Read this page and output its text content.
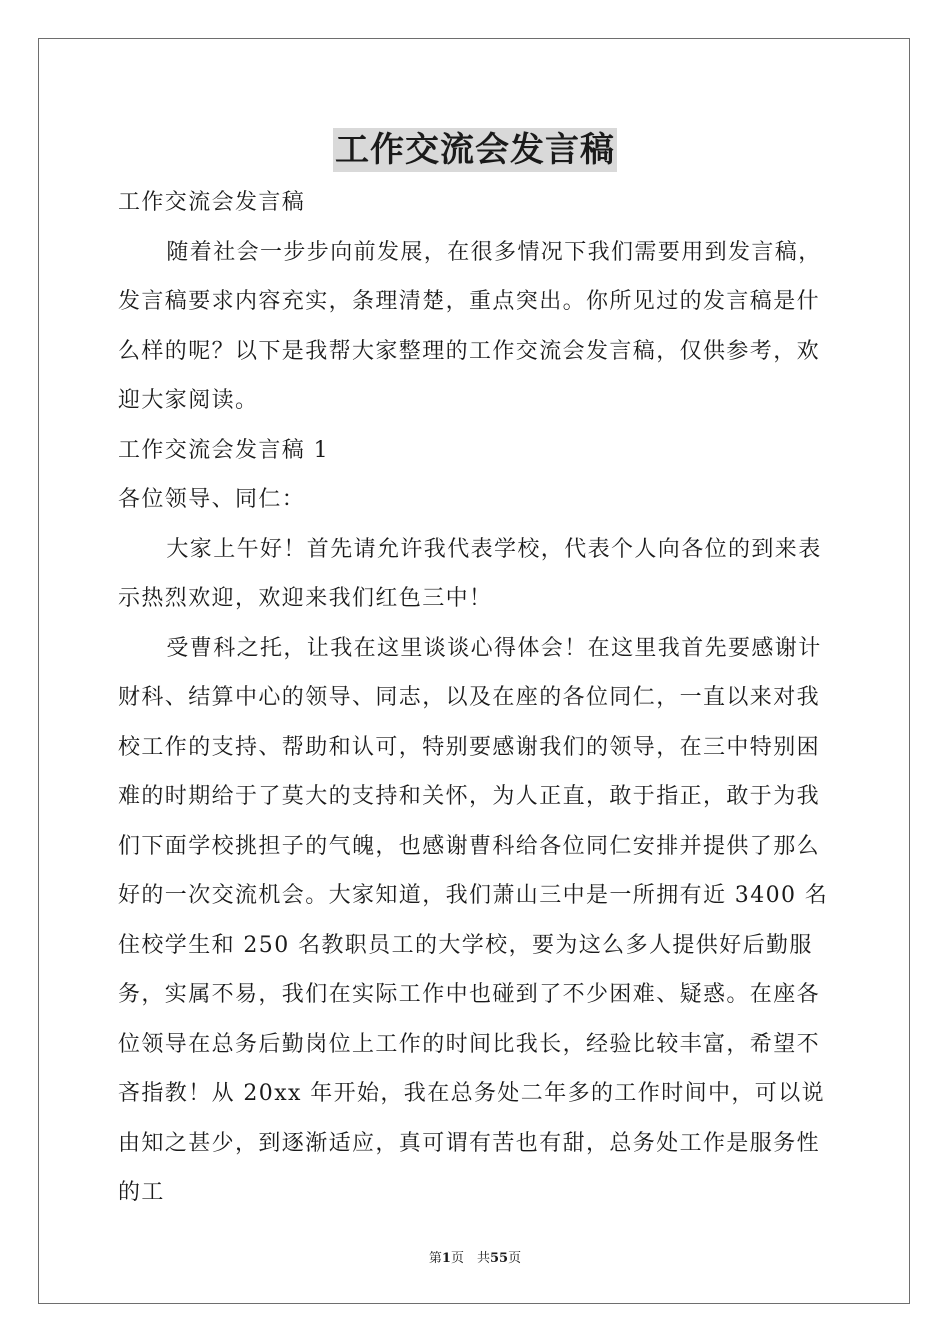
工作交流会发言稿

工作交流会发言稿

随着社会一步步向前发展，在很多情况下我们需要用到发言稿，发言稿要求内容充实，条理清楚，重点突出。你所见过的发言稿是什么样的呢？以下是我帮大家整理的工作交流会发言稿，仅供参考，欢迎大家阅读。

工作交流会发言稿 1

各位领导、同仁：

大家上午好！首先请允许我代表学校，代表个人向各位的到来表示热烈欢迎，欢迎来我们红色三中！

受曹科之托，让我在这里谈谈心得体会！在这里我首先要感谢计财科、结算中心的领导、同志，以及在座的各位同仁，一直以来对我校工作的支持、帮助和认可，特别要感谢我们的领导，在三中特别困难的时期给于了莫大的支持和关怀，为人正直，敢于指正，敢于为我们下面学校挑担子的气魄，也感谢曹科给各位同仁安排并提供了那么好的一次交流机会。大家知道，我们萧山三中是一所拥有近 3400 名住校学生和 250 名教职员工的大学校，要为这么多人提供好后勤服务，实属不易，我们在实际工作中也碰到了不少困难、疑惑。在座各位领导在总务后勤岗位上工作的时间比我长，经验比较丰富，希望不吝指教！从 20xx 年开始，我在总务处二年多的工作时间中，可以说由知之甚少，到逐渐适应，真可谓有苦也有甜，总务处工作是服务性的工

第1页　共55页
